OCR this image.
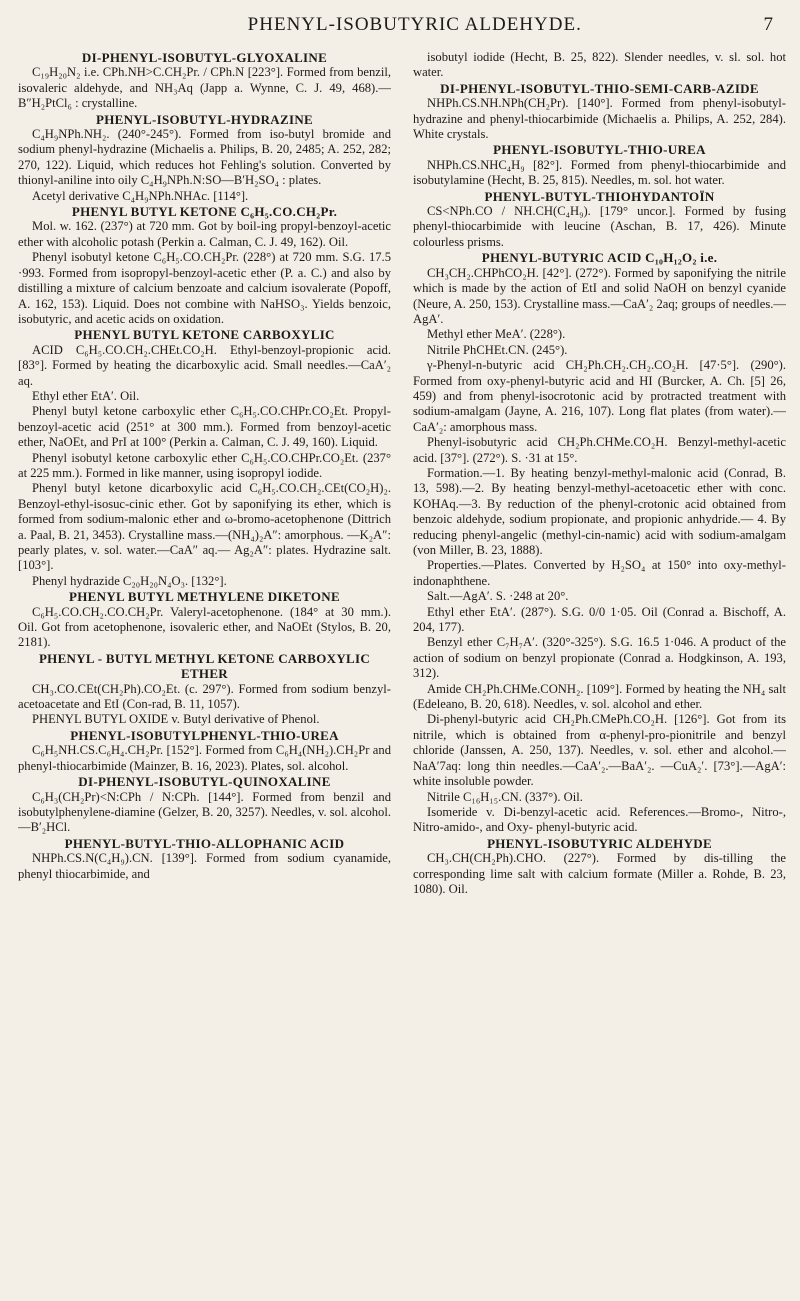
PHENYL-ISOBUTYRIC ALDEHYDE.	7

DI-PHENYL-ISOBUTYL-GLYOXALINE

C₁₉H₂₀N₂ i.e. CPh.NH>C.CH₂Pr. / CPh.N [223°]. Formed from benzil, isovaleric aldehyde, and NH₃Aq (Japp a. Wynne, C. J. 49, 468).— B″H₂PtCl₆ : crystalline.

PHENYL-ISOBUTYL-HYDRAZINE

C₄H₉NPh.NH₂. (240°-245°). Formed from iso-butyl bromide and sodium phenyl-hydrazine (Michaelis a. Philips, B. 20, 2485; A. 252, 282; 270, 122). Liquid, which reduces hot Fehling's solution. Converted by thionyl-aniline into oily C₄H₉NPh.N:SO—B′H₂SO₄ : plates.

Acetyl derivative C₄H₉NPh.NHAc. [114°].

PHENYL BUTYL KETONE C₆H₅.CO.CH₂Pr.

Mol. w. 162. (237°) at 720 mm. Got by boil-ing propyl-benzoyl-acetic ether with alcoholic potash (Perkin a. Calman, C. J. 49, 162). Oil.

Phenyl isobutyl ketone C₆H₅.CO.CH₂Pr. (228°) at 720 mm. S.G. 17.5 ·993. Formed from isopropyl-benzoyl-acetic ether (P. a. C.) and also by distilling a mixture of calcium benzoate and calcium isovalerate (Popoff, A. 162, 153). Liquid. Does not combine with NaHSO₃. Yields benzoic, isobutyric, and acetic acids on oxidation.

PHENYL BUTYL KETONE CARBOXYLIC

ACID C₆H₅.CO.CH₂.CHEt.CO₂H. Ethyl-benzoyl-propionic acid. [83°]. Formed by heating the dicarboxylic acid. Small needles.—CaA′₂ aq.

Ethyl ether EtA′. Oil.

Phenyl butyl ketone carboxylic ether C₆H₅.CO.CHPr.CO₂Et. Propyl-benzoyl-acetic acid (251° at 300 mm.). Formed from benzoyl-acetic ether, NaOEt, and PrI at 100° (Perkin a. Calman, C. J. 49, 160). Liquid.

Phenyl isobutyl ketone carboxylic ether C₆H₅.CO.CHPr.CO₂Et. (237° at 225 mm.). Formed in like manner, using isopropyl iodide.

Phenyl butyl ketone dicarboxylic acid C₆H₅.CO.CH₂.CEt(CO₂H)₂. Benzoyl-ethyl-isosuc-cinic ether. Got by saponifying its ether, which is formed from sodium-malonic ether and ω-bromo-acetophenone (Dittrich a. Paal, B. 21, 3453). Crystalline mass.—(NH₄)₂A″: amorphous. —K₂A″: pearly plates, v. sol. water.—CaA″ aq.— Ag₂A″: plates. Hydrazine salt. [103°].

Phenyl hydrazide C₂₀H₂₀N₄O₃. [132°].

PHENYL BUTYL METHYLENE DIKETONE

C₆H₅.CO.CH₂.CO.CH₂Pr. Valeryl-acetophenone. (184° at 30 mm.). Oil. Got from acetophenone, isovaleric ether, and NaOEt (Stylos, B. 20, 2181).

PHENYL - BUTYL METHYL KETONE CARBOXYLIC ETHER

CH₃.CO.CEt(CH₂Ph).CO₂Et. (c. 297°). Formed from sodium benzyl-acetoacetate and EtI (Con-rad, B. 11, 1057).

PHENYL BUTYL OXIDE v. Butyl derivative of Phenol.

PHENYL-ISOBUTYLPHENYL-THIO-UREA

C₆H₅NH.CS.C₆H₄.CH₂Pr. [152°]. Formed from C₆H₄(NH₂).CH₂Pr and phenyl-thiocarbimide (Mainzer, B. 16, 2023). Plates, sol. alcohol.

DI-PHENYL-ISOBUTYL-QUINOXALINE

C₆H₃(CH₂Pr)<N:CPh / N:CPh. [144°]. Formed from benzil and isobutylphenylene-diamine (Gelzer, B. 20, 3257). Needles, v. sol. alcohol.—B′₂HCl.

PHENYL-BUTYL-THIO-ALLOPHANIC ACID

NHPh.CS.N(C₄H₉).CN. [139°]. Formed from sodium cyanamide, phenyl thiocarbimide, and

isobutyl iodide (Hecht, B. 25, 822). Slender needles, v. sl. sol. hot water.

DI-PHENYL-ISOBUTYL-THIO-SEMI-CARB-AZIDE

NHPh.CS.NH.NPh(CH₂Pr). [140°]. Formed from phenyl-isobutyl-hydrazine and phenyl-thiocarbimide (Michaelis a. Philips, A. 252, 284). White crystals.

PHENYL-ISOBUTYL-THIO-UREA

NHPh.CS.NHC₄H₉ [82°]. Formed from phenyl-thiocarbimide and isobutylamine (Hecht, B. 25, 815). Needles, m. sol. hot water.

PHENYL-BUTYL-THIOHYDANTOÏN

CS<NPh.CO / NH.CH(C₄H₉). [179° uncor.]. Formed by fusing phenyl-thiocarbimide with leucine (Aschan, B. 17, 426). Minute colourless prisms.

PHENYL-BUTYRIC ACID C₁₀H₁₂O₂ i.e.

CH₃CH₂.CHPhCO₂H. [42°]. (272°). Formed by saponifying the nitrile which is made by the action of EtI and solid NaOH on benzyl cyanide (Neure, A. 250, 153). Crystalline mass.—CaA′₂ 2aq; groups of needles.—AgA′.

Methyl ether MeA′. (228°).

Nitrile PhCHEt.CN. (245°).

γ-Phenyl-n-butyric acid CH₂Ph.CH₂.CH₂.CO₂H. [47·5°]. (290°). Formed from oxy-phenyl-butyric acid and HI (Burcker, A. Ch. [5] 26, 459) and from phenyl-isocrotonic acid by protracted treatment with sodium-amalgam (Jayne, A. 216, 107). Long flat plates (from water).—CaA′₂: amorphous mass.

Phenyl-isobutyric acid CH₂Ph.CHMe.CO₂H. Benzyl-methyl-acetic acid. [37°]. (272°). S. ·31 at 15°.

Formation.—1. By heating benzyl-methyl-malonic acid (Conrad, B. 13, 598).—2. By heating benzyl-methyl-acetoacetic ether with conc. KOHAq.—3. By reduction of the phenyl-crotonic acid obtained from benzoic aldehyde, sodium propionate, and propionic anhydride.— 4. By reducing phenyl-angelic (methyl-cin-namic) acid with sodium-amalgam (von Miller, B. 23, 1888).

Properties.—Plates. Converted by H₂SO₄ at 150° into oxy-methyl-indonaphthene.

Salt.—AgA′. S. ·248 at 20°.

Ethyl ether EtA′. (287°). S.G. 0/0 1·05. Oil (Conrad a. Bischoff, A. 204, 177).

Benzyl ether C₇H₇A′. (320°-325°). S.G. 16.5 1·046. A product of the action of sodium on benzyl propionate (Conrad a. Hodgkinson, A. 193, 312).

Amide CH₂Ph.CHMe.CONH₂. [109°]. Formed by heating the NH₄ salt (Edeleano, B. 20, 618). Needles, v. sol. alcohol and ether.

Di-phenyl-butyric acid CH₂Ph.CMePh.CO₂H. [126°]. Got from its nitrile, which is obtained from α-phenyl-pro-pionitrile and benzyl chloride (Janssen, A. 250, 137). Needles, v. sol. ether and alcohol.— NaA′7aq: long thin needles.—CaA′₂.—BaA′₂. —CuA₂′. [73°].—AgA′: white insoluble powder.

Nitrile C₁₆H₁₅.CN. (337°). Oil.

Isomeride v. Di-benzyl-acetic acid. References.—Bromo-, Nitro-, Nitro-amido-, and Oxy- phenyl-butyric acid.

PHENYL-ISOBUTYRIC ALDEHYDE

CH₃.CH(CH₂Ph).CHO. (227°). Formed by dis-tilling the corresponding lime salt with calcium formate (Miller a. Rohde, B. 23, 1080). Oil.
